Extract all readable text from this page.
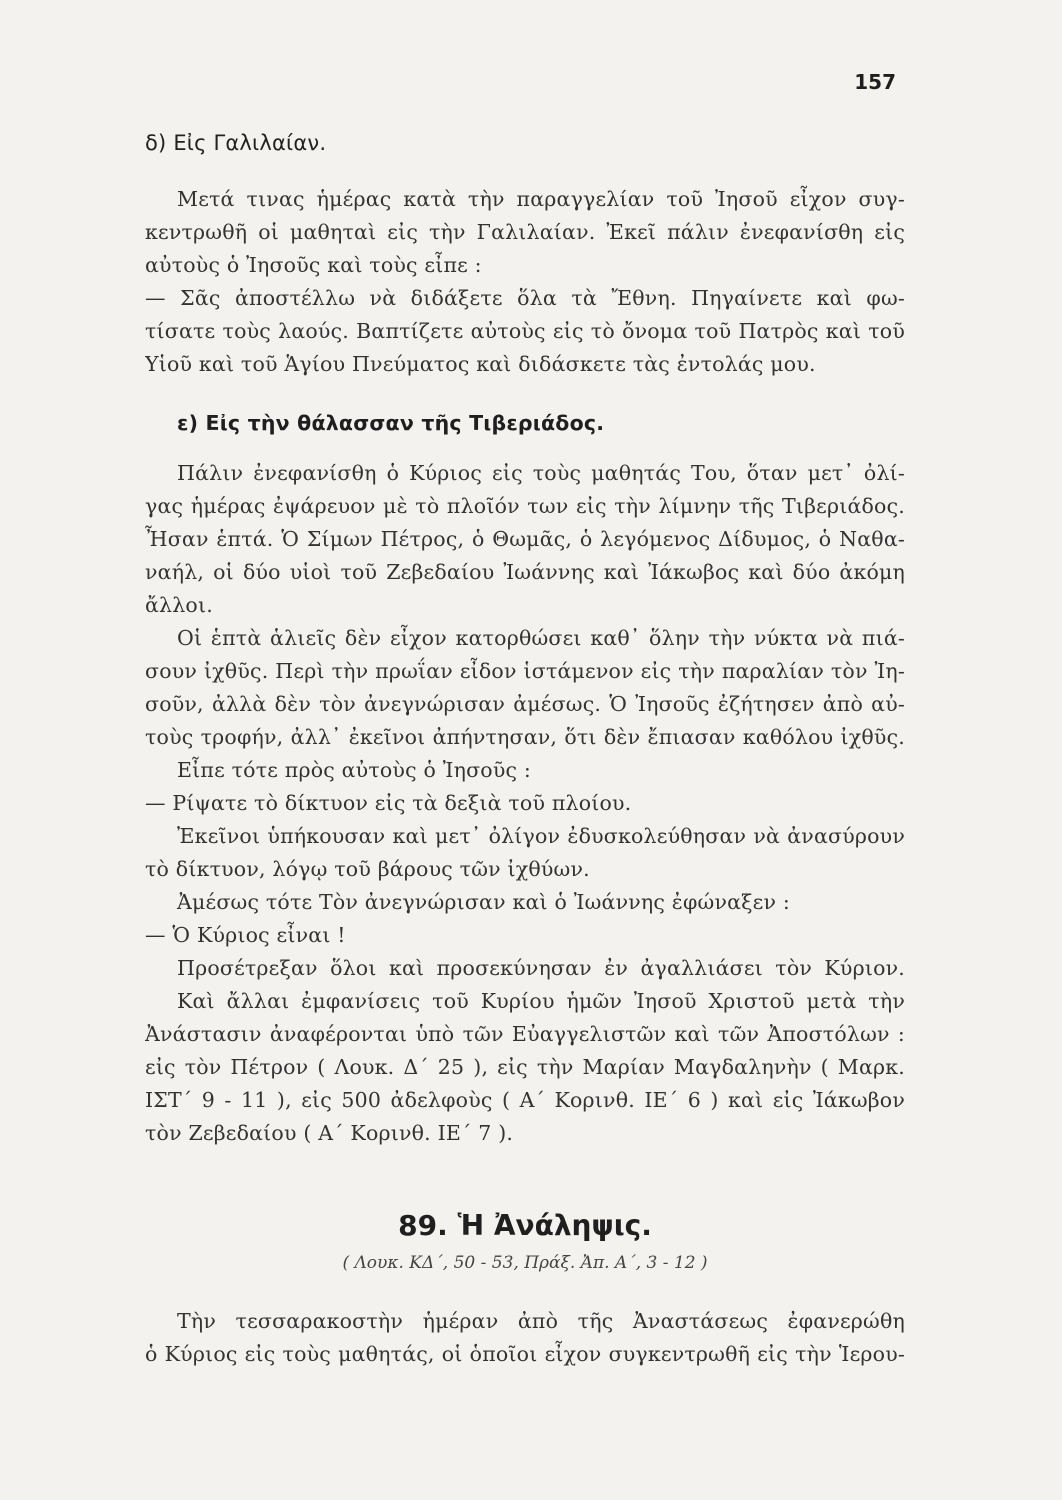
157
δ) Εἰς Γαλιλαίαν.
Μετά τινας ἡμέρας κατὰ τὴν παραγγελίαν τοῦ Ἰησοῦ εἶχον συγ-
κεντρωθῆ οἱ μαθηταὶ εἰς τὴν Γαλιλαίαν. Ἐκεῖ πάλιν ἐνεφανίσθη εἰς
αὐτοὺς ὁ Ἰησοῦς καὶ τοὺς εἶπε :
— Σᾶς ἀποστέλλω νὰ διδάξετε ὅλα τὰ Ἔθνη. Πηγαίνετε καὶ φω-
τίσατε τοὺς λαούς. Βαπτίζετε αὐτοὺς εἰς τὸ ὄνομα τοῦ Πατρὸς καὶ τοῦ
Υἱοῦ καὶ τοῦ Ἁγίου Πνεύματος καὶ διδάσκετε τὰς ἐντολάς μου.
ε) Εἰς τὴν θάλασσαν τῆς Τιβεριάδος.
Πάλιν ἐνεφανίσθη ὁ Κύριος εἰς τοὺς μαθητάς Του, ὅταν μετ᾽ ὀλί-
γας ἡμέρας ἐψάρευον μὲ τὸ πλοῖόν των εἰς τὴν λίμνην τῆς Τιβεριάδος.
Ἦσαν ἑπτά. Ὁ Σίμων Πέτρος, ὁ Θωμᾶς, ὁ λεγόμενος Δίδυμος, ὁ Ναθα-
ναήλ, οἱ δύο υἱοὶ τοῦ Ζεβεδαίου Ἰωάννης καὶ Ἰάκωβος καὶ δύο ἀκόμη
ἄλλοι.
Οἱ ἑπτὰ ἁλιεῖς δὲν εἶχον κατορθώσει καθ᾽ ὅλην τὴν νύκτα νὰ πιά-
σουν ἰχθῦς. Περὶ τὴν πρωΐαν εἶδον ἱστάμενον εἰς τὴν παραλίαν τὸν Ἰη-
σοῦν, ἀλλὰ δὲν τὸν ἀνεγνώρισαν ἀμέσως. Ὁ Ἰησοῦς ἐζήτησεν ἀπὸ αὐ-
τοὺς τροφήν, ἀλλ᾽ ἐκεῖνοι ἀπήντησαν, ὅτι δὲν ἔπιασαν καθόλου ἰχθῦς.
Εἶπε τότε πρὸς αὐτοὺς ὁ Ἰησοῦς :
— Ρίψατε τὸ δίκτυον εἰς τὰ δεξιὰ τοῦ πλοίου.
Ἐκεῖνοι ὑπήκουσαν καὶ μετ᾽ ὀλίγον ἐδυσκολεύθησαν νὰ ἀνασύρουν
τὸ δίκτυον, λόγῳ τοῦ βάρους τῶν ἰχθύων.
Ἀμέσως τότε Τὸν ἀνεγνώρισαν καὶ ὁ Ἰωάννης ἐφώναξεν :
— Ὁ Κύριος εἶναι !
Προσέτρεξαν ὅλοι καὶ προσεκύνησαν ἐν ἀγαλλιάσει τὸν Κύριον.
Καὶ ἄλλαι ἐμφανίσεις τοῦ Κυρίου ἡμῶν Ἰησοῦ Χριστοῦ μετὰ τὴν
Ἀνάστασιν ἀναφέρονται ὑπὸ τῶν Εὐαγγελιστῶν καὶ τῶν Ἀποστόλων :
εἰς τὸν Πέτρον ( Λουκ. Δ΄ 25 ), εἰς τὴν Μαρίαν Μαγδαληνὴν ( Μαρκ.
ΙΣΤ΄ 9 - 11 ), εἰς 500 ἀδελφοὺς ( Α΄ Κορινθ. ΙΕ΄ 6 ) καὶ εἰς Ἰάκωβον
τὸν Ζεβεδαίου ( Α΄ Κορινθ. ΙΕ΄ 7 ).
89. Ἡ Ἀνάληψις.
( Λουκ. ΚΔ΄, 50 - 53, Πράξ. Ἀπ. Α΄, 3 - 12 )
Τὴν τεσσαρακοστὴν ἡμέραν ἀπὸ τῆς Ἀναστάσεως ἐφανερώθη
ὁ Κύριος εἰς τοὺς μαθητάς, οἱ ὁποῖοι εἶχον συγκεντρωθῆ εἰς τὴν Ἱερου-
